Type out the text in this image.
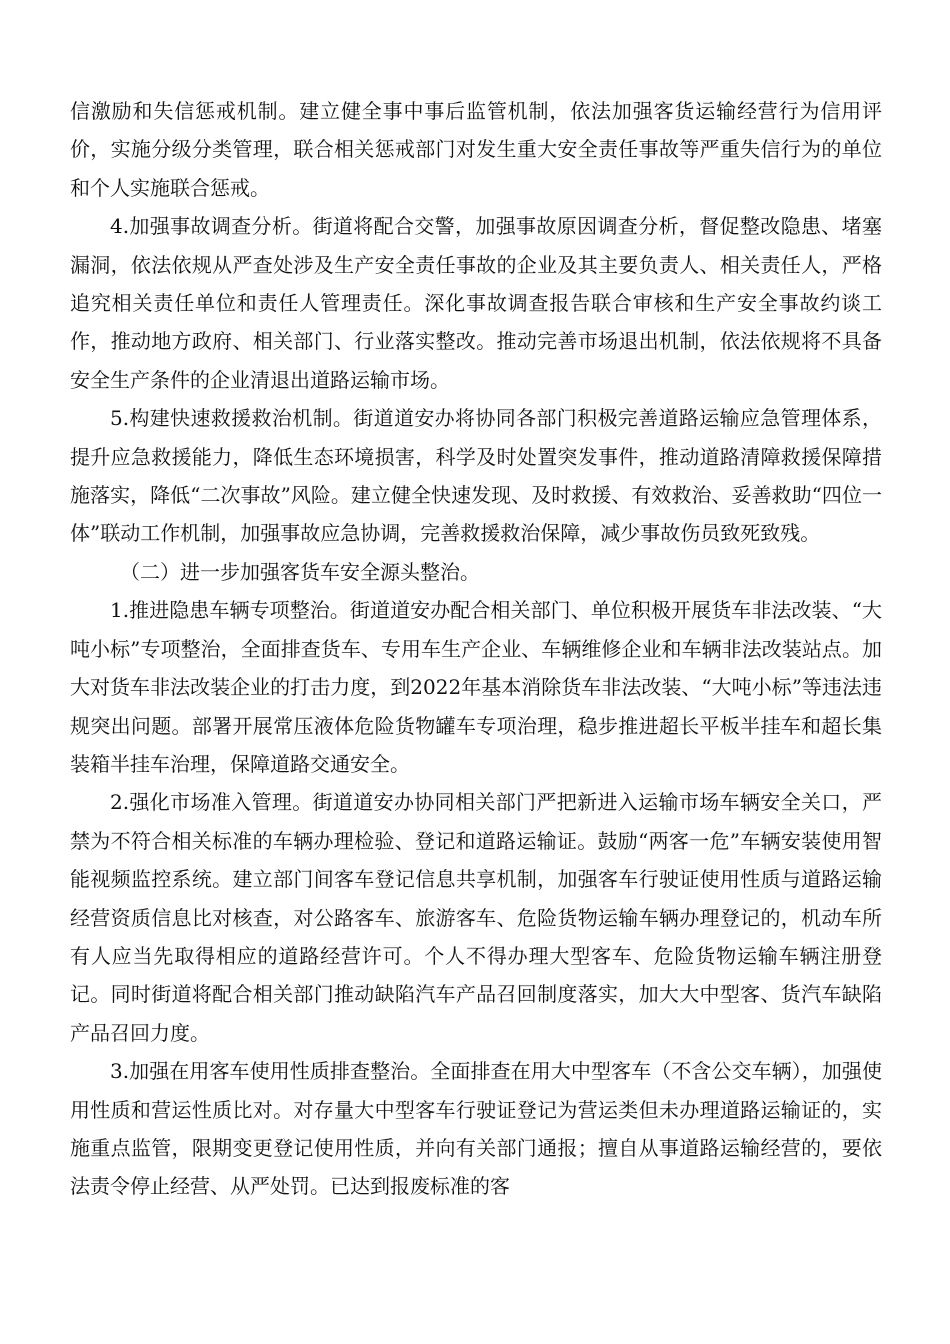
信激励和失信惩戒机制。建立健全事中事后监管机制，依法加强客货运输经营行为信用评价，实施分级分类管理，联合相关惩戒部门对发生重大安全责任事故等严重失信行为的单位和个人实施联合惩戒。

4.加强事故调查分析。街道将配合交警，加强事故原因调查分析，督促整改隐患、堵塞漏洞，依法依规从严查处涉及生产安全责任事故的企业及其主要负责人、相关责任人，严格追究相关责任单位和责任人管理责任。深化事故调查报告联合审核和生产安全事故约谈工作，推动地方政府、相关部门、行业落实整改。推动完善市场退出机制，依法依规将不具备安全生产条件的企业清退出道路运输市场。

5.构建快速救援救治机制。街道道安办将协同各部门积极完善道路运输应急管理体系，提升应急救援能力，降低生态环境损害，科学及时处置突发事件，推动道路清障救援保障措施落实，降低“二次事故”风险。建立健全快速发现、及时救援、有效救治、妥善救助“四位一体”联动工作机制，加强事故应急协调，完善救援救治保障，减少事故伤员致死致残。

（二）进一步加强客货车安全源头整治。

1.推进隐患车辆专项整治。街道道安办配合相关部门、单位积极开展货车非法改装、“大吨小标”专项整治，全面排查货车、专用车生产企业、车辆维修企业和车辆非法改装站点。加大对货车非法改装企业的打击力度，到2022年基本消除货车非法改装、“大吨小标”等违法违规突出问题。部署开展常压液体危险货物罐车专项治理，稳步推进超长平板半挂车和超长集装箱半挂车治理，保障道路交通安全。

2.强化市场准入管理。街道道安办协同相关部门严把新进入运输市场车辆安全关口，严禁为不符合相关标准的车辆办理检验、登记和道路运输证。鼓励“两客一危”车辆安装使用智能视频监控系统。建立部门间客车登记信息共享机制，加强客车行驶证使用性质与道路运输经营资质信息比对核查，对公路客车、旅游客车、危险货物运输车辆办理登记的，机动车所有人应当先取得相应的道路经营许可。个人不得办理大型客车、危险货物运输车辆注册登记。同时街道将配合相关部门推动缺陷汽车产品召回制度落实，加大大中型客、货汽车缺陷产品召回力度。

3.加强在用客车使用性质排查整治。全面排查在用大中型客车（不含公交车辆），加强使用性质和营运性质比对。对存量大中型客车行驶证登记为营运类但未办理道路运输证的，实施重点监管，限期变更登记使用性质，并向有关部门通报；擅自从事道路运输经营的，要依法责令停止经营、从严处罚。已达到报废标准的客
